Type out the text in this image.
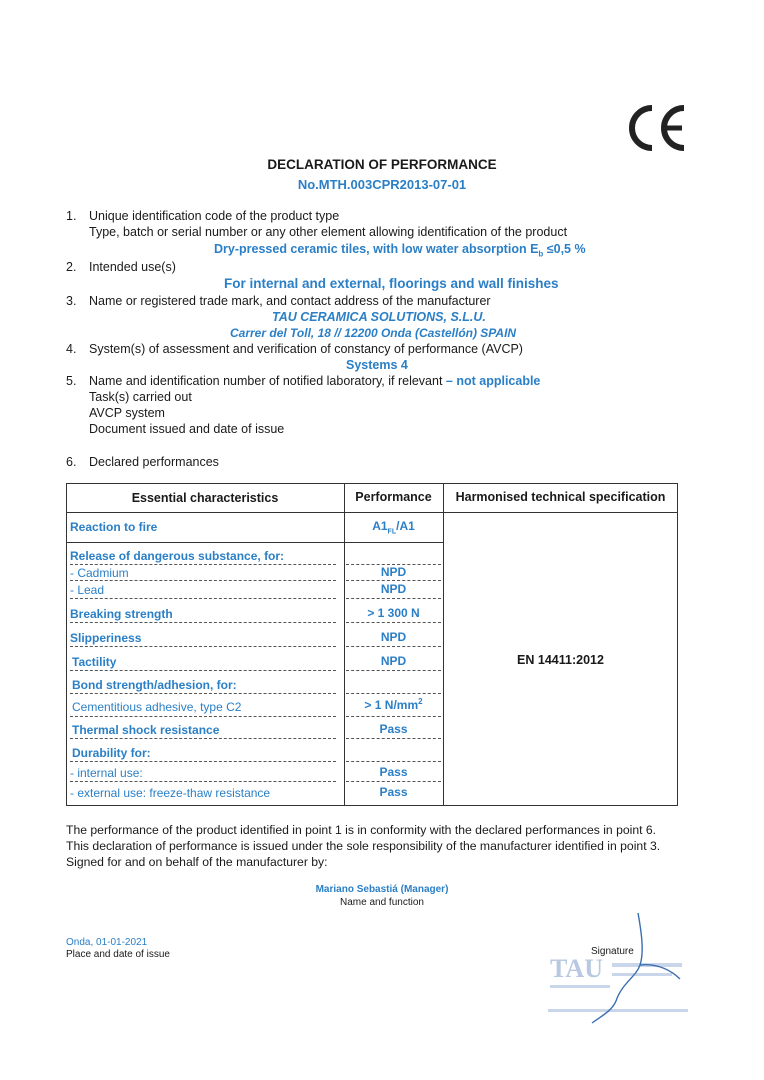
DECLARATION OF PERFORMANCE
No.MTH.003CPR2013-07-01
1. Unique identification code of the product type
Type, batch or serial number or any other element allowing identification of the product
Dry-pressed ceramic tiles, with low water absorption $E_b \le 0,5$ %
2. Intended use(s)
For internal and external, floorings and wall finishes
3. Name or registered trade mark, and contact address of the manufacturer
TAU CERAMICA SOLUTIONS, S.L.U.
Carrer del Toll, 18 // 12200 Onda (Castellón) SPAIN
4. System(s) of assessment and verification of constancy of performance (AVCP)
Systems 4
5. Name and identification number of notified laboratory, if relevant – not applicable
Task(s) carried out
AVCP system
Document issued and date of issue
6. Declared performances
Essential characteristics	Performance	Harmonised technical specification
Reaction to fire	$A1_{FL}/A1$
Release of dangerous substance, for:
- Cadmium	NPD
- Lead	NPD
Breaking strength	> 1 300 N
Slipperiness	NPD
Tactility	NPD
Bond strength/adhesion, for:
Cementitious adhesive, type C2	> 1 $N/mm^2$
Thermal shock resistance	Pass
Durability for:
- internal use:	Pass
- external use: freeze-thaw resistance	Pass
EN 14411:2012
The performance of the product identified in point 1 is in conformity with the declared performances in point 6.
This declaration of performance is issued under the sole responsibility of the manufacturer identified in point 3.
Signed for and on behalf of the manufacturer by:
Mariano Sebastiá (Manager)
Name and function
Onda, 01-01-2021
Place and date of issue	TAU
Signature
